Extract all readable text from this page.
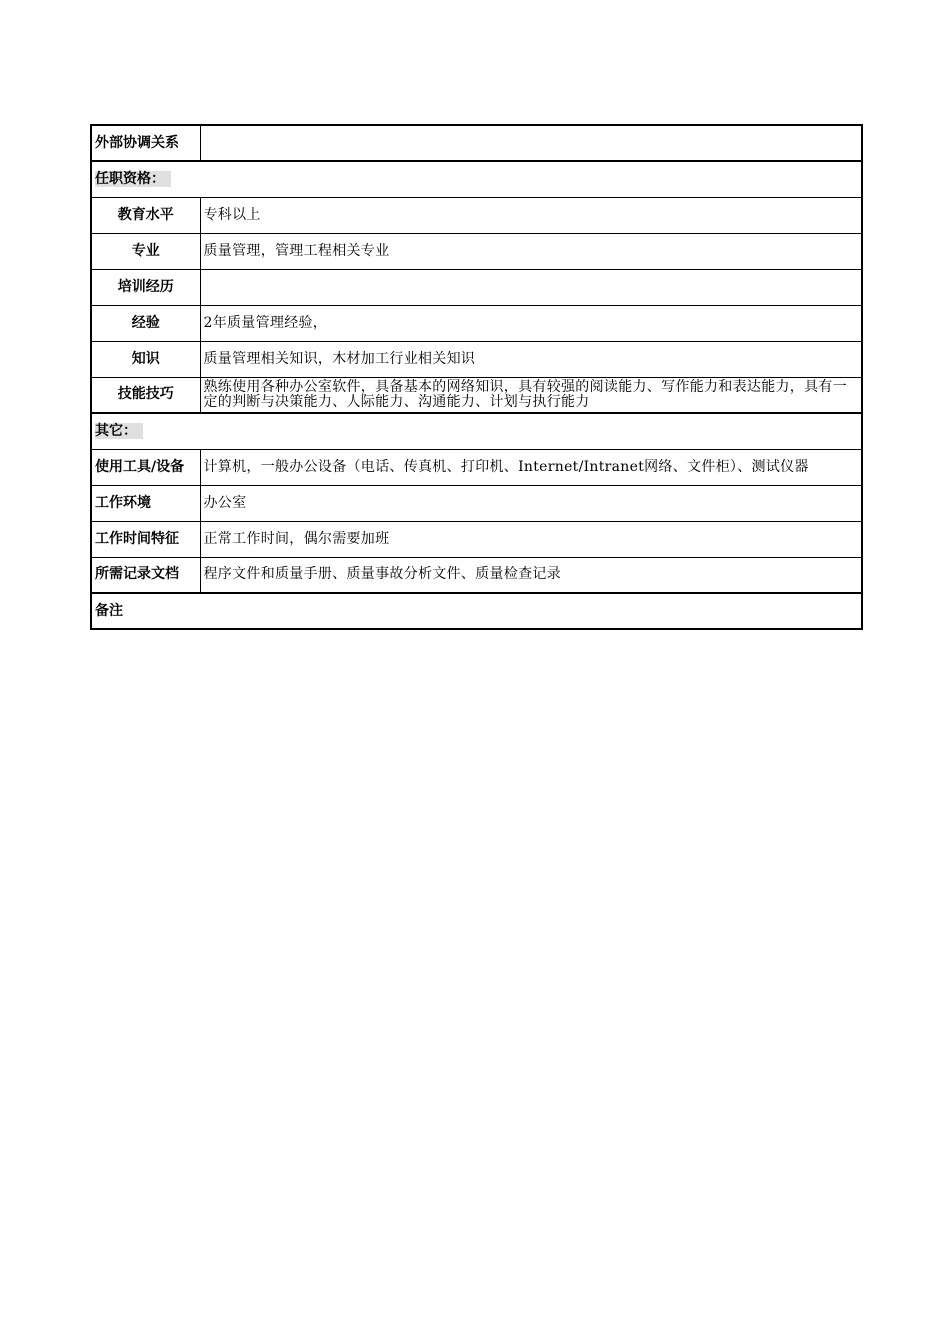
外部协调关系	
任职资格：	
教育水平	专科以上
专业	质量管理，管理工程相关专业
培训经历	
经验	2年质量管理经验，
知识	质量管理相关知识，木材加工行业相关知识
技能技巧	熟练使用各种办公室软件，具备基本的网络知识，具有较强的阅读能力、写作能力和表达能力，具有一定的判断与决策能力、人际能力、沟通能力、计划与执行能力
其它：	
使用工具/设备	计算机，一般办公设备（电话、传真机、打印机、Internet/Intranet网络、文件柜）、测试仪器
工作环境	办公室
工作时间特征	正常工作时间，偶尔需要加班
所需记录文档	程序文件和质量手册、质量事故分析文件、质量检查记录
备注	
